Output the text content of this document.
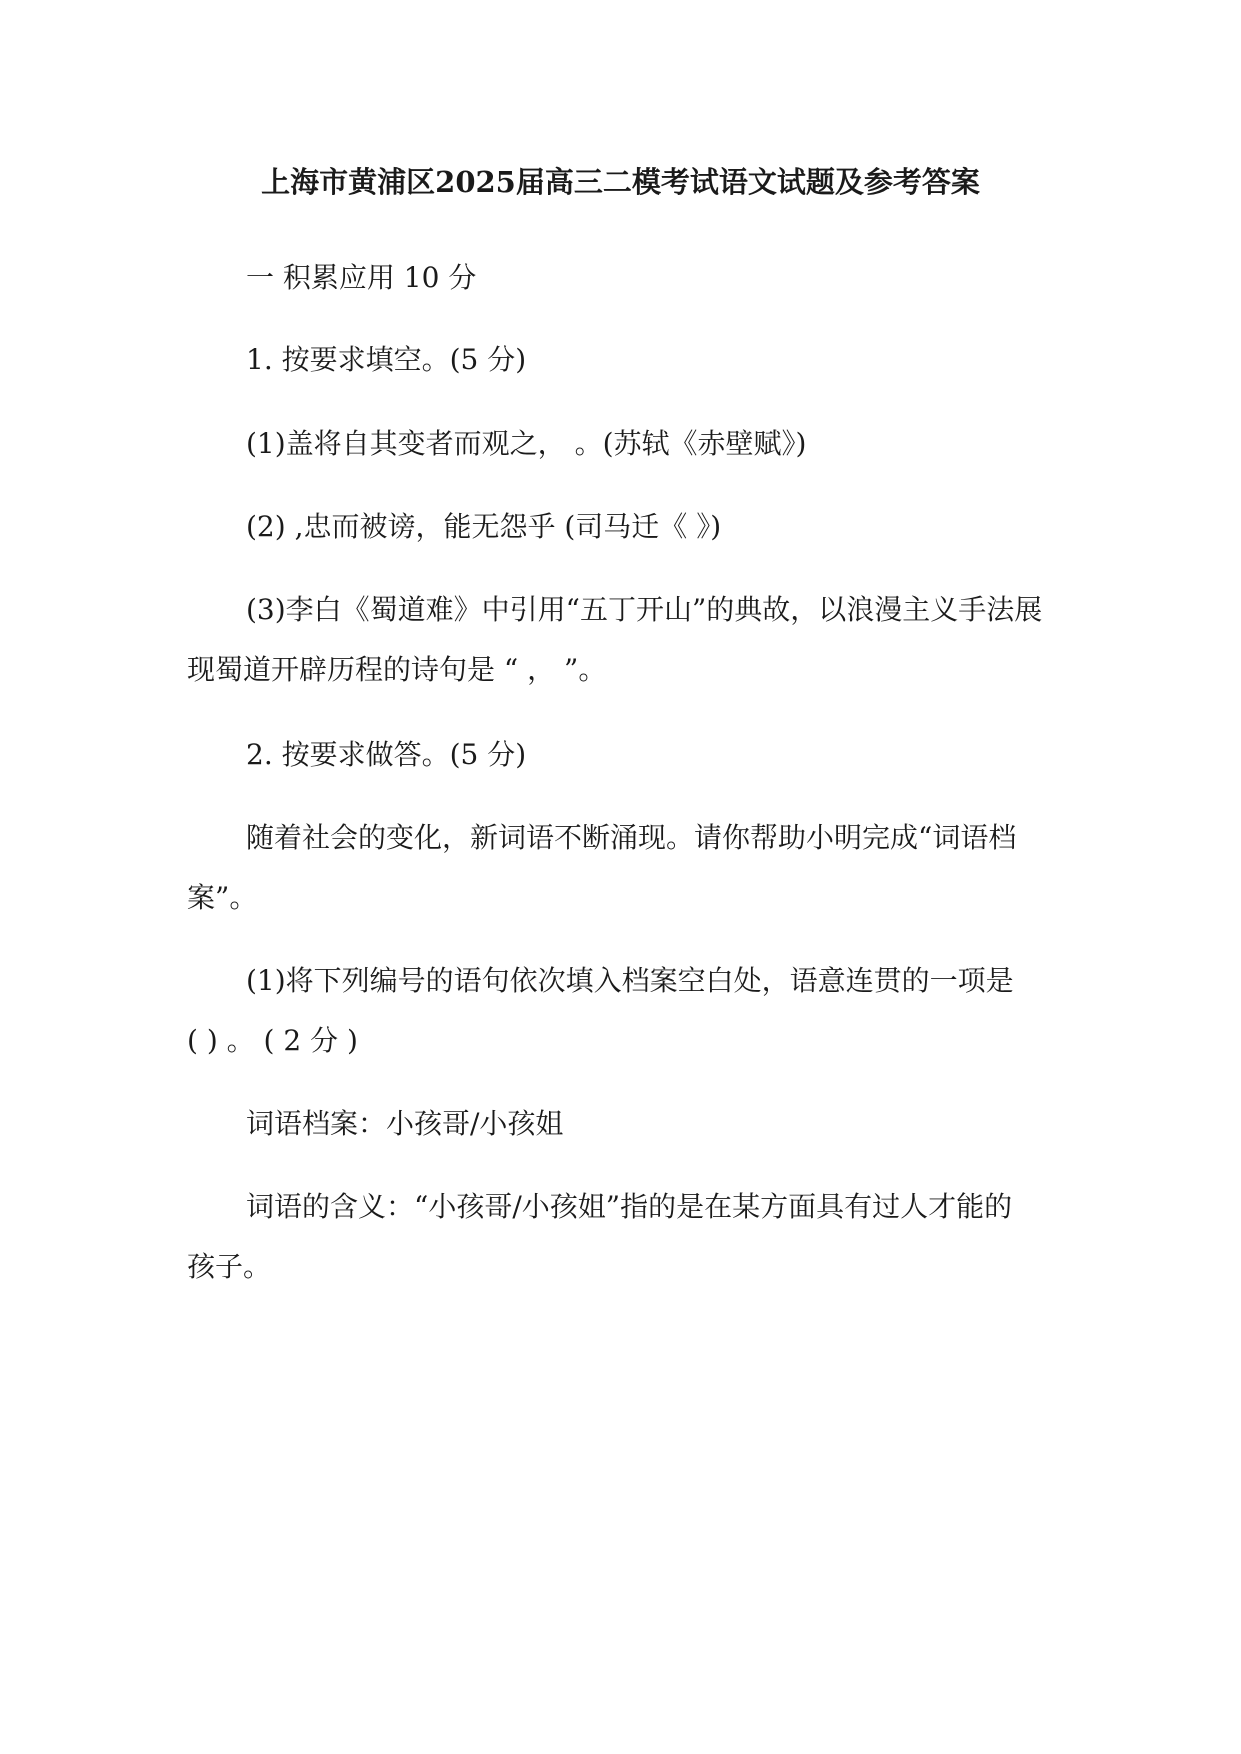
上海市黄浦区2025届高三二模考试语文试题及参考答案
一 积累应用 10 分
1. 按要求填空。(5 分)
(1)盖将自其变者而观之， 。(苏轼《赤壁赋》)
(2) ,忠而被谤，能无怨乎 (司马迁《 》)
(3)李白《蜀道难》中引用“五丁开山”的典故，以浪漫主义手法展
现蜀道开辟历程的诗句是 “ ， ”。
2. 按要求做答。(5 分)
随着社会的变化，新词语不断涌现。请你帮助小明完成“词语档
案”。
(1)将下列编号的语句依次填入档案空白处，语意连贯的一项是
( ) 。 ( 2 分 )
词语档案：小孩哥/小孩姐
词语的含义：“小孩哥/小孩姐”指的是在某方面具有过人才能的
孩子。
